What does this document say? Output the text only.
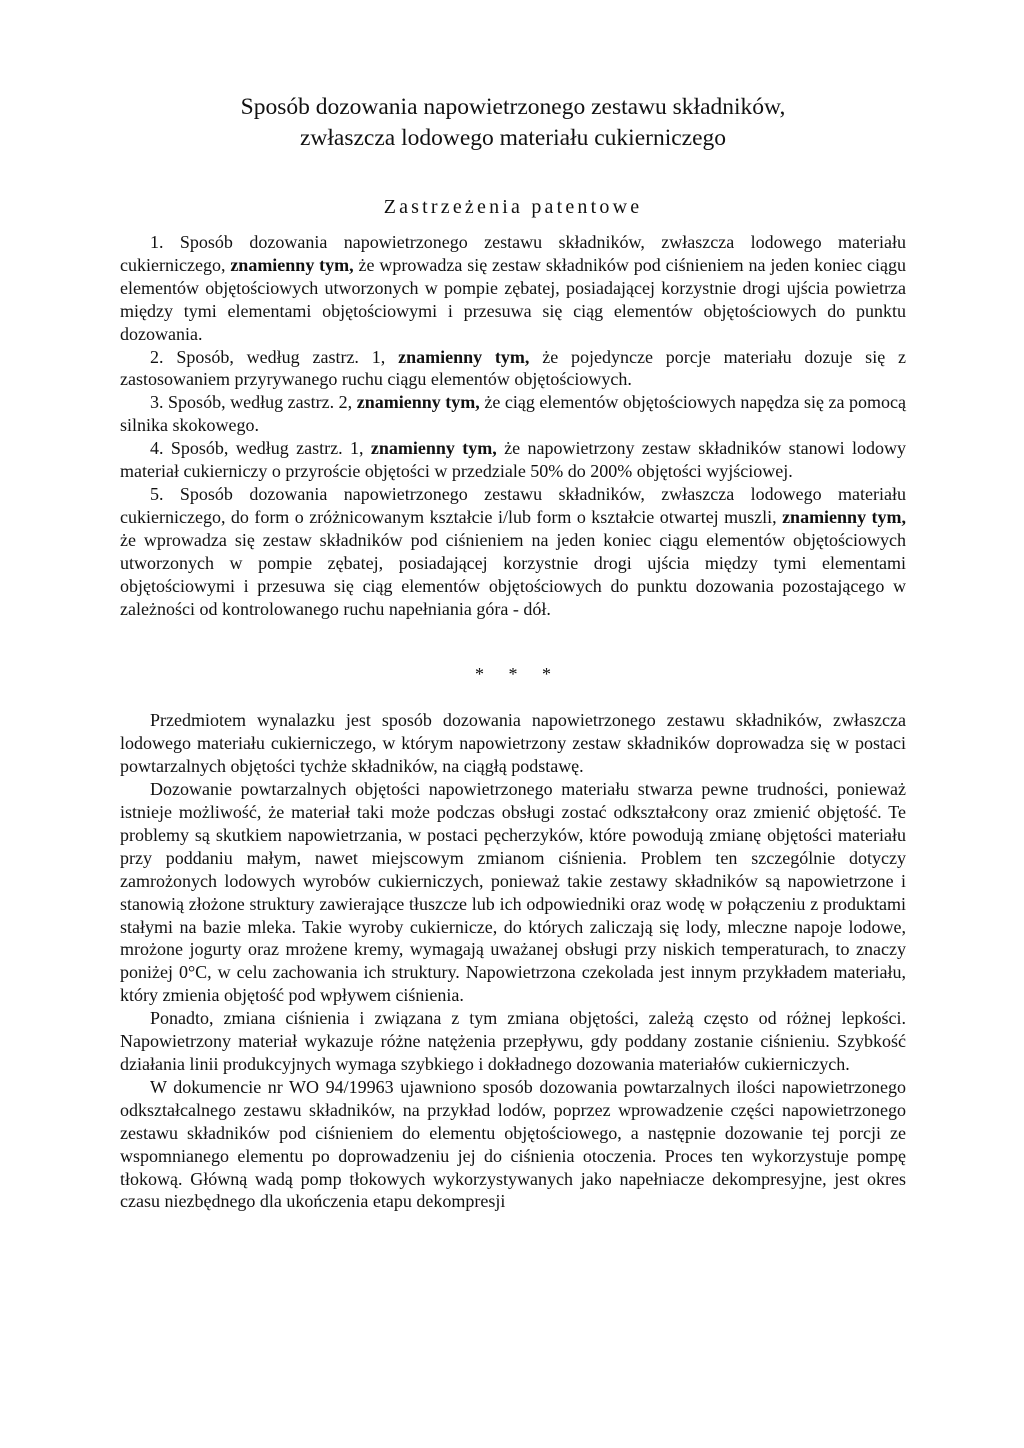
Sposób dozowania napowietrzonego zestawu składników,
zwłaszcza lodowego materiału cukierniczego
Zastrzeżenia patentowe

1. Sposób dozowania napowietrzonego zestawu składników, zwłaszcza lodowego materiału cukierniczego, znamienny tym, że wprowadza się zestaw składników pod ciśnieniem na jeden koniec ciągu elementów objętościowych utworzonych w pompie zębatej, posiadającej korzystnie drogi ujścia powietrza między tymi elementami objętościowymi i przesuwa się ciąg elementów objętościowych do punktu dozowania.

2. Sposób, według zastrz. 1, znamienny tym, że pojedyncze porcje materiału dozuje się z zastosowaniem przyrywanego ruchu ciągu elementów objętościowych.

3. Sposób, według zastrz. 2, znamienny tym, że ciąg elementów objętościowych napędza się za pomocą silnika skokowego.

4. Sposób, według zastrz. 1, znamienny tym, że napowietrzony zestaw składników stanowi lodowy materiał cukierniczy o przyroście objętości w przedziale 50% do 200% objętości wyjściowej.

5. Sposób dozowania napowietrzonego zestawu składników, zwłaszcza lodowego materiału cukierniczego, do form o zróżnicowanym kształcie i/lub form o kształcie otwartej muszli, znamienny tym, że wprowadza się zestaw składników pod ciśnieniem na jeden koniec ciągu elementów objętościowych utworzonych w pompie zębatej, posiadającej korzystnie drogi ujścia między tymi elementami objętościowymi i przesuwa się ciąg elementów objętościowych do punktu dozowania pozostającego w zależności od kontrolowanego ruchu napełniania góra - dół.

* * *

Przedmiotem wynalazku jest sposób dozowania napowietrzonego zestawu składników, zwłaszcza lodowego materiału cukierniczego, w którym napowietrzony zestaw składników doprowadza się w postaci powtarzalnych objętości tychże składników, na ciągłą podstawę.

Dozowanie powtarzalnych objętości napowietrzonego materiału stwarza pewne trudności, ponieważ istnieje możliwość, że materiał taki może podczas obsługi zostać odkształcony oraz zmienić objętość. Te problemy są skutkiem napowietrzania, w postaci pęcherzyków, które powodują zmianę objętości materiału przy poddaniu małym, nawet miejscowym zmianom ciśnienia. Problem ten szczególnie dotyczy zamrożonych lodowych wyrobów cukierniczych, ponieważ takie zestawy składników są napowietrzone i stanowią złożone struktury zawierające tłuszcze lub ich odpowiedniki oraz wodę w połączeniu z produktami stałymi na bazie mleka. Takie wyroby cukiernicze, do których zaliczają się lody, mleczne napoje lodowe, mrożone jogurty oraz mrożene kremy, wymagają uważanej obsługi przy niskich temperaturach, to znaczy poniżej 0°C, w celu zachowania ich struktury. Napowietrzona czekolada jest innym przykładem materiału, który zmienia objętość pod wpływem ciśnienia.

Ponadto, zmiana ciśnienia i związana z tym zmiana objętości, zależą często od różnej lepkości. Napowietrzony materiał wykazuje różne natężenia przepływu, gdy poddany zostanie ciśnieniu. Szybkość działania linii produkcyjnych wymaga szybkiego i dokładnego dozowania materiałów cukierniczych.

W dokumencie nr WO 94/19963 ujawniono sposób dozowania powtarzalnych ilości napowietrzonego odkształcalnego zestawu składników, na przykład lodów, poprzez wprowadzenie części napowietrzonego zestawu składników pod ciśnieniem do elementu objętościowego, a następnie dozowanie tej porcji ze wspomnianego elementu po doprowadzeniu jej do ciśnienia otoczenia. Proces ten wykorzystuje pompę tłokową. Główną wadą pomp tłokowych wykorzystywanych jako napełniacze dekompresyjne, jest okres czasu niezbędnego dla ukończenia etapu dekompresji
